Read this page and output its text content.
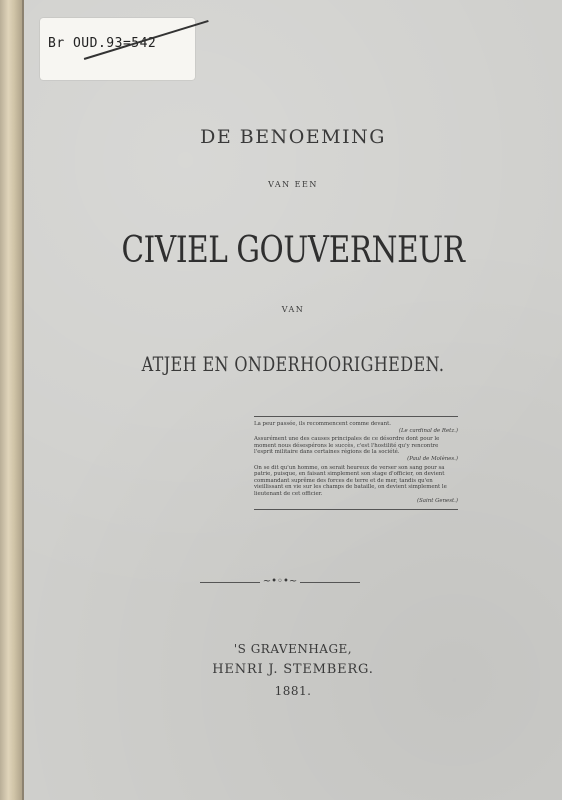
Br OUD.93=542
DE BENOEMING
VAN EEN
CIVIEL GOUVERNEUR
VAN
ATJEH EN ONDERHOORIGHEDEN.
La peur passée, ils recommencent comme devant.
(Le cardinal de Retz.)
Assurément une des causes principales de ce désordre dont pour le moment nous désespérons le succès, c'est l'hostilité qu'y rencontre l'esprit militaire dans certaines régions de la société.
(Paul de Molènes.)
On se dit qu'un homme, on serait heureux de verser son sang pour sa patrie, puisque, en faisant simplement son stage d'officier, on devient commandant suprême des forces de terre et de mer, tandis qu'en vieillissant en vie sur les champs de bataille, on devient simplement le lieutenant de cet officier.
(Saint Genest.)
~•◦•~
'S GRAVENHAGE,
HENRI J. STEMBERG.
1881.
